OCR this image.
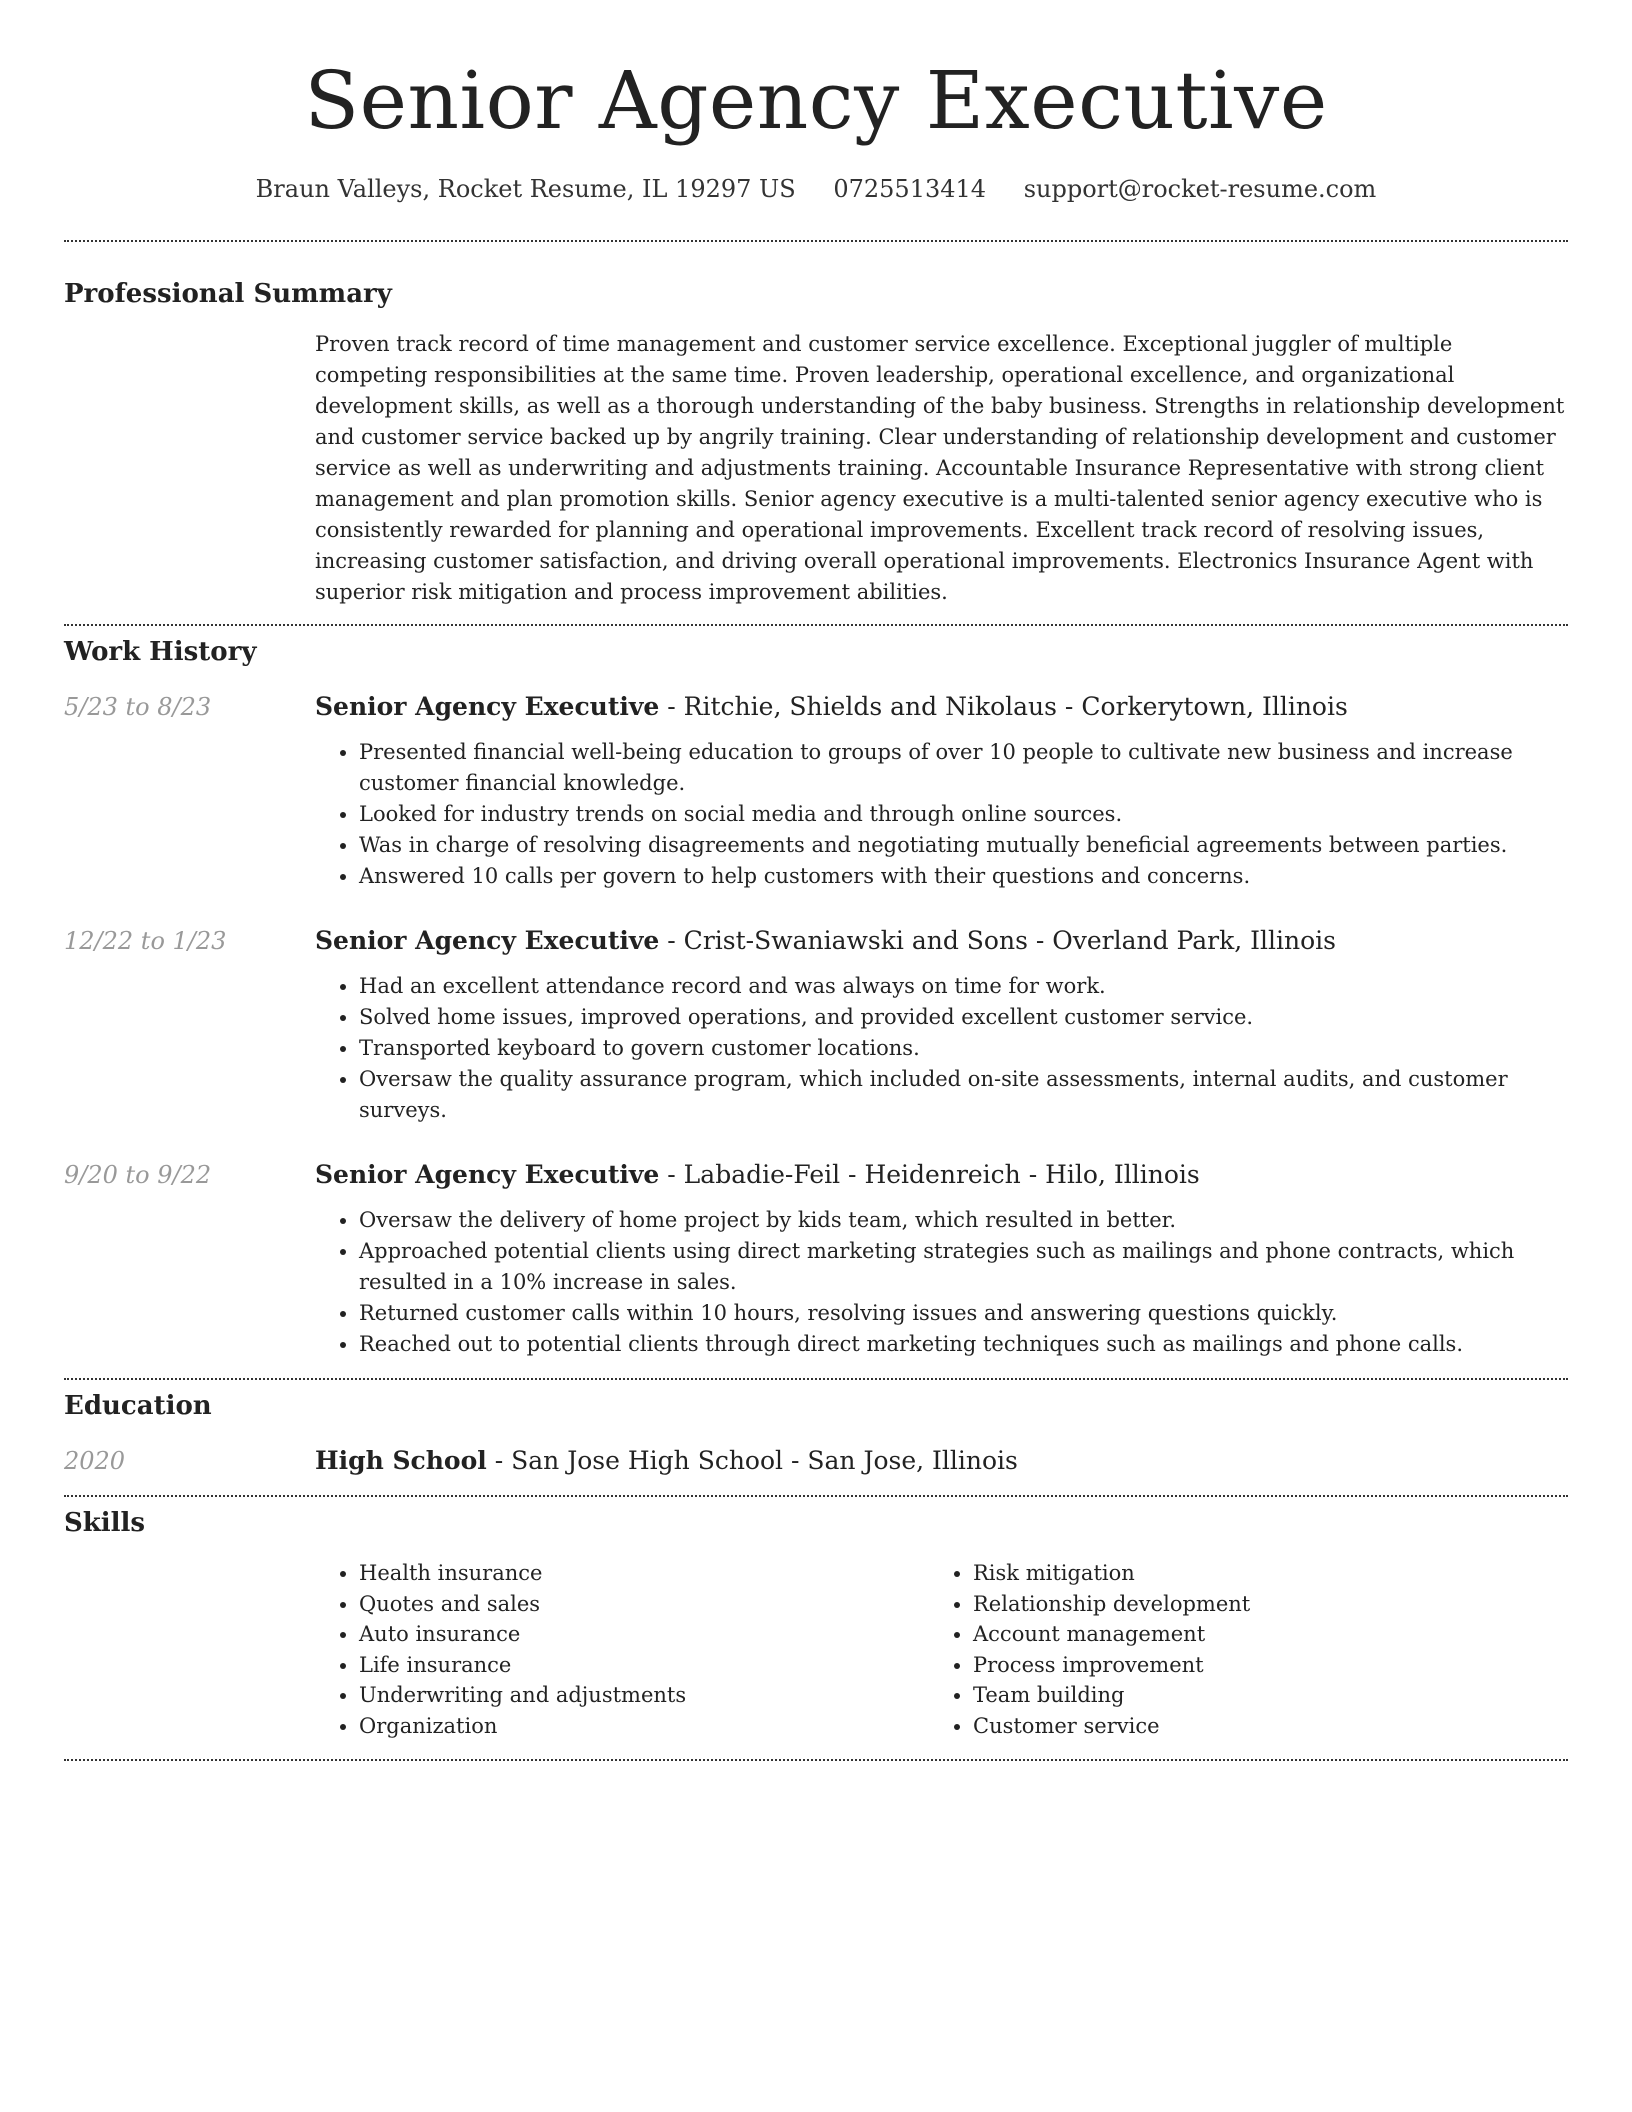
Senior Agency Executive
Braun Valleys, Rocket Resume, IL 19297 US 0725513414 support@rocket-resume.com
Professional Summary

Proven track record of time management and customer service excellence. Exceptional juggler of multiple competing responsibilities at the same time. Proven leadership, operational excellence, and organizational development skills, as well as a thorough understanding of the baby business. Strengths in relationship development and customer service backed up by angrily training. Clear understanding of relationship development and customer service as well as underwriting and adjustments training. Accountable Insurance Representative with strong client management and plan promotion skills. Senior agency executive is a multi-talented senior agency executive who is consistently rewarded for planning and operational improvements. Excellent track record of resolving issues, increasing customer satisfaction, and driving overall operational improvements. Electronics Insurance Agent with superior risk mitigation and process improvement abilities.

Work History
5/23 to 8/23	Senior Agency Executive - Ritchie, Shields and Nikolaus - Corkerytown, Illinois
• Presented financial well-being education to groups of over 10 people to cultivate new business and increase customer financial knowledge.
• Looked for industry trends on social media and through online sources.
• Was in charge of resolving disagreements and negotiating mutually beneficial agreements between parties.
• Answered 10 calls per govern to help customers with their questions and concerns.
12/22 to 1/23	Senior Agency Executive - Crist-Swaniawski and Sons - Overland Park, Illinois
• Had an excellent attendance record and was always on time for work.
• Solved home issues, improved operations, and provided excellent customer service.
• Transported keyboard to govern customer locations.
• Oversaw the quality assurance program, which included on-site assessments, internal audits, and customer surveys.
9/20 to 9/22	Senior Agency Executive - Labadie-Feil - Heidenreich - Hilo, Illinois
• Oversaw the delivery of home project by kids team, which resulted in better.
• Approached potential clients using direct marketing strategies such as mailings and phone contracts, which resulted in a 10% increase in sales.
• Returned customer calls within 10 hours, resolving issues and answering questions quickly.
• Reached out to potential clients through direct marketing techniques such as mailings and phone calls.
Education
2020	High School - San Jose High School - San Jose, Illinois
Skills
• Health insurance
• Quotes and sales
• Auto insurance
• Life insurance
• Underwriting and adjustments
• Organization
• Risk mitigation
• Relationship development
• Account management
• Process improvement
• Team building
• Customer service
